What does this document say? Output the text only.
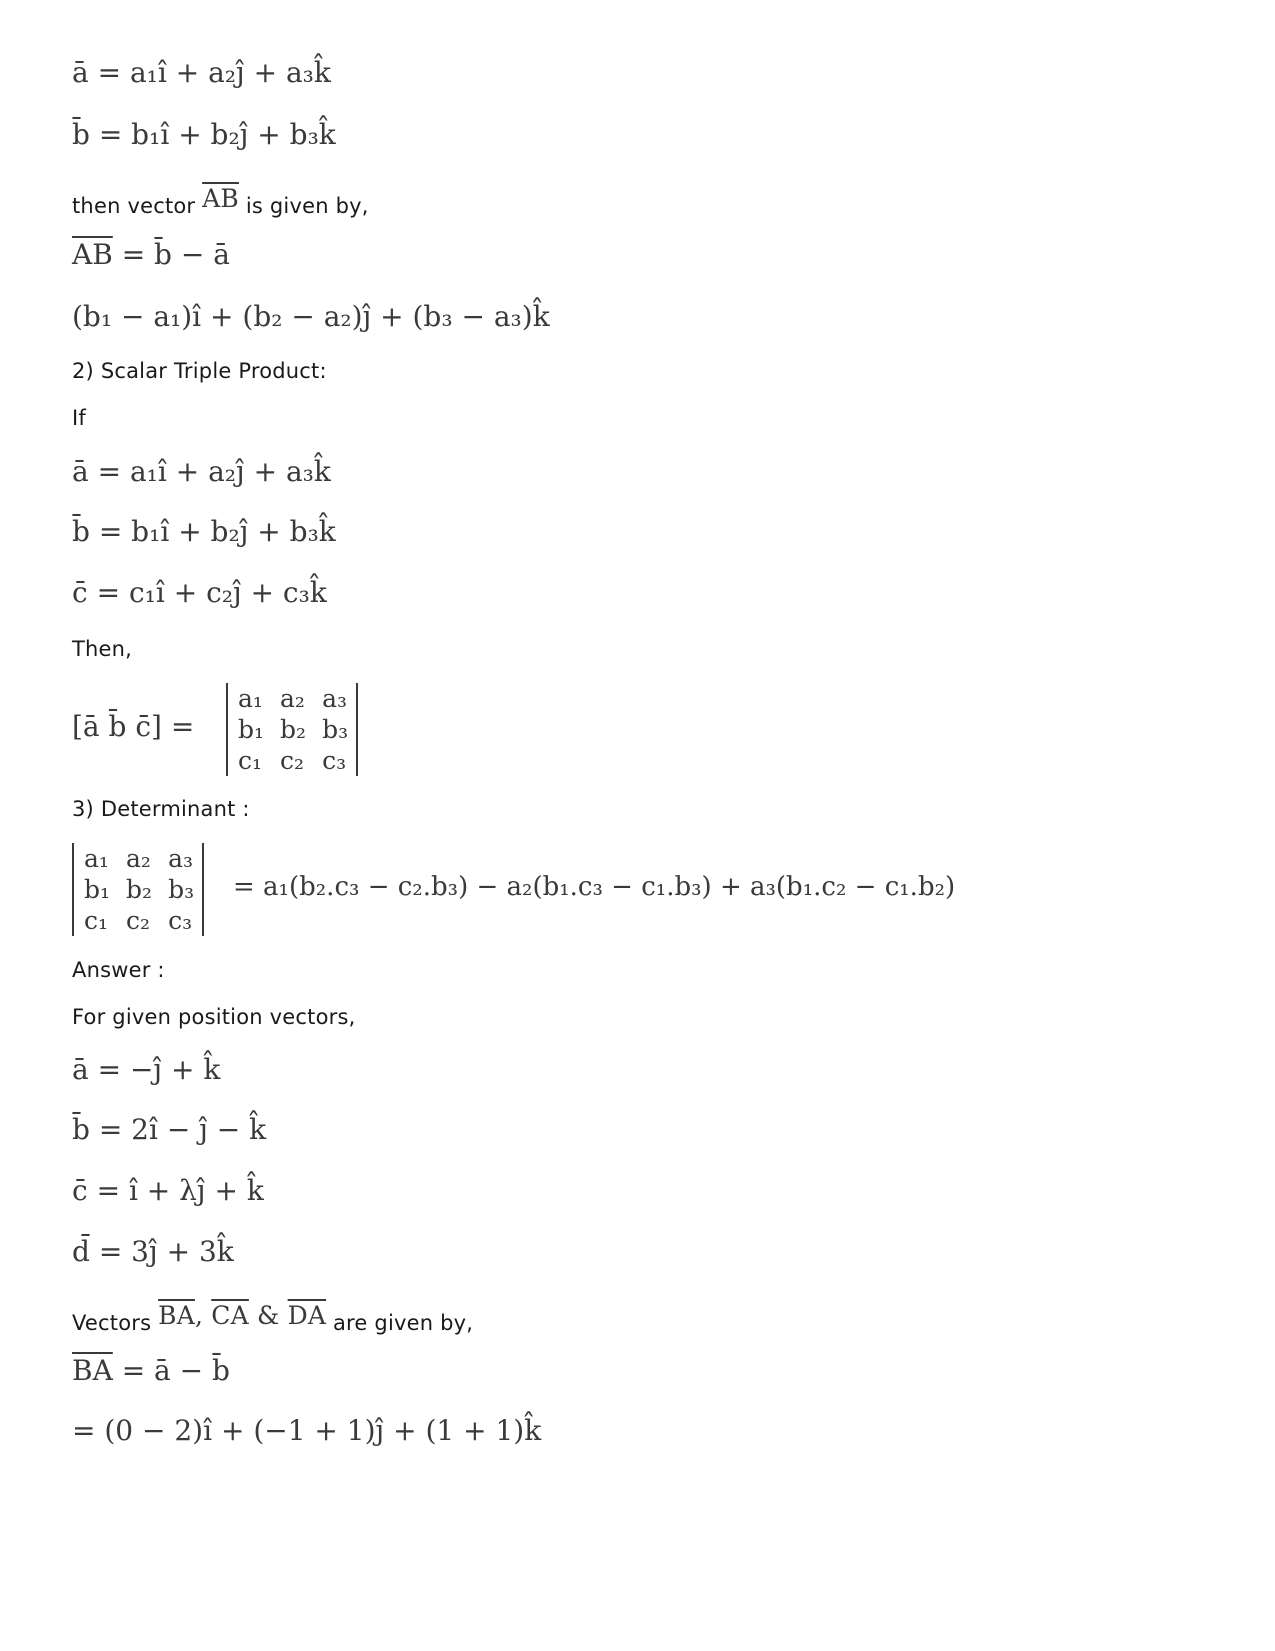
ā = a₁î + a₂ĵ + a₃k̂
b̄ = b₁î + b₂ĵ + b₃k̂
then vector $\overline{AB}$ is given by,
$\overline{AB}$ = b̄ − ā
(b₁ − a₁)î + (b₂ − a₂)ĵ + (b₃ − a₃)k̂
2) Scalar Triple Product:
If
ā = a₁î + a₂ĵ + a₃k̂
b̄ = b₁î + b₂ĵ + b₃k̂
c̄ = c₁î + c₂ĵ + c₃k̂
Then,
[ā b̄ c̄] =
a₁	a₂	a₃
b₁	b₂	b₃
c₁	c₂	c₃
3) Determinant :
a₁	a₂	a₃
b₁	b₂	b₃
c₁	c₂	c₃
= a₁(b₂.c₃ − c₂.b₃) − a₂(b₁.c₃ − c₁.b₃) + a₃(b₁.c₂ − c₁.b₂)
Answer :
For given position vectors,
ā = −ĵ + k̂
b̄ = 2î − ĵ − k̂
c̄ = î + λĵ + k̂
d̄ = 3ĵ + 3k̂
Vectors $\overline{BA}$, $\overline{CA}$ & $\overline{DA}$ are given by,
$\overline{BA}$ = ā − b̄
= (0 − 2)î + (−1 + 1)ĵ + (1 + 1)k̂
